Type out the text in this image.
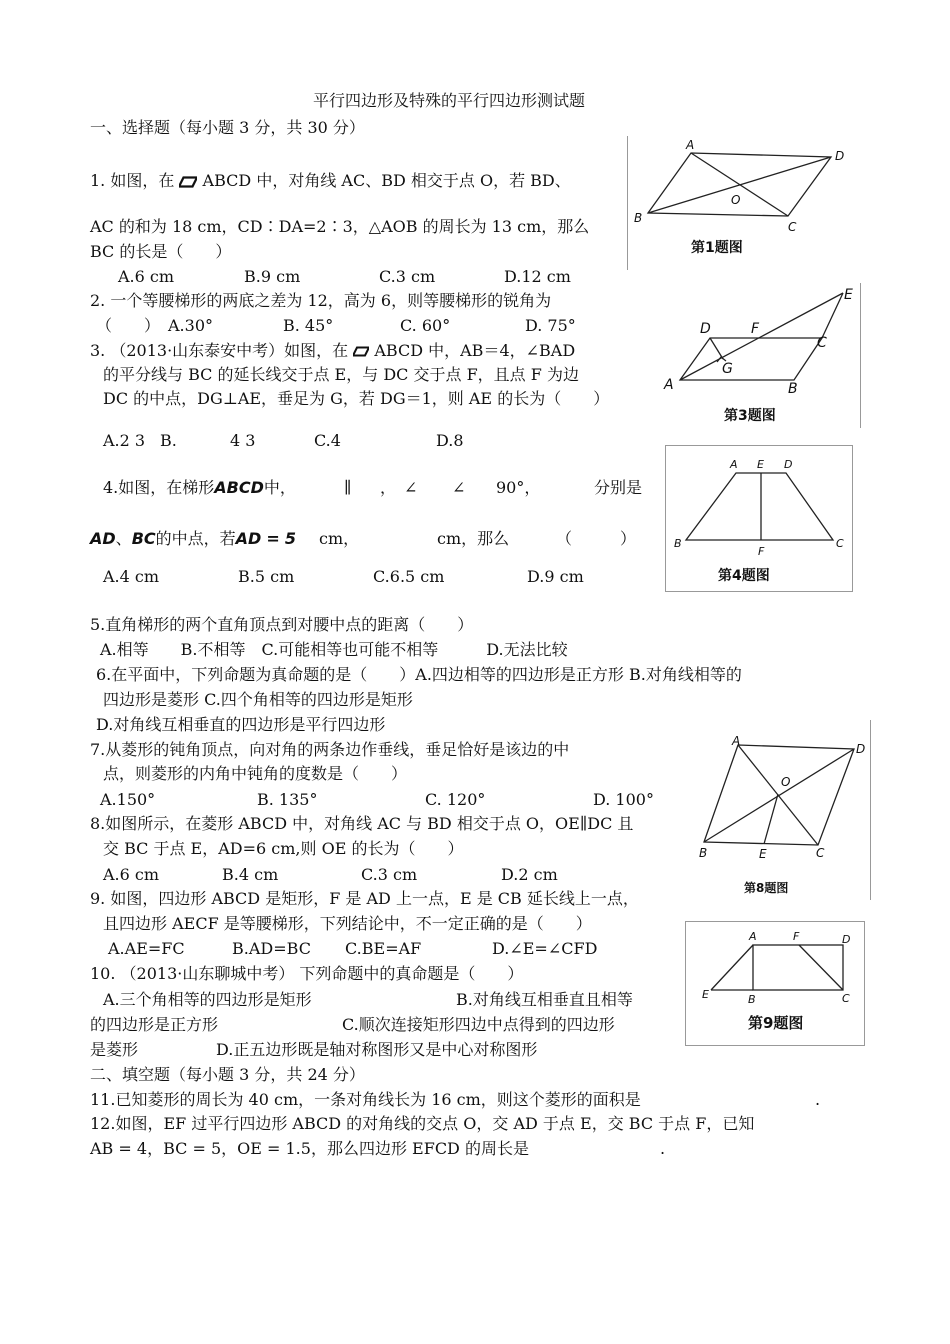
平行四边形及特殊的平行四边形测试题
一、选择题（每小题 3 分，共 30 分）
1. 如图，在 ABCD 中，对角线 AC、BD 相交于点 O，若 BD、
AC 的和为 18 cm，CD∶DA=2∶3，△AOB 的周长为 13 cm，那么
BC 的长是（　　）
A.6 cm	B.9 cm	C.3 cm	D.12 cm
2. 一个等腰梯形的两底之差为 12，高为 6，则等腰梯形的锐角为
（　　） A.30°	B. 45°	C. 60°	D. 75°
3. （2013·山东泰安中考）如图，在 ABCD 中，AB＝4，∠BAD
的平分线与 BC 的延长线交于点 E，与 DC 交于点 F，且点 F 为边
DC 的中点，DG⊥AE，垂足为 G，若 DG＝1，则 AE 的长为（　　）
A.2 3 B.	4 3	C.4	D.8
4.如图，在梯形ABCD中，	∥ ， ∠ ∠ 90°，	分别是
AD、BC的中点，若AD = 5 cm，	cm，那么	（　　　）
A.4 cm	B.5 cm	C.6.5 cm	D.9 cm
5.直角梯形的两个直角顶点到对腰中点的距离（　　）
A.相等　　B.不相等　C.可能相等也可能不相等　　　D.无法比较
6.在平面中，下列命题为真命题的是（　　）A.四边相等的四边形是正方形 B.对角线相等的
四边形是菱形 C.四个角相等的四边形是矩形
D.对角线互相垂直的四边形是平行四边形
7.从菱形的钝角顶点，向对角的两条边作垂线，垂足恰好是该边的中
点，则菱形的内角中钝角的度数是（　　）
A.150°	B. 135°	C. 120°	D. 100°
8.如图所示，在菱形 ABCD 中，对角线 AC 与 BD 相交于点 O，OE∥DC 且
交 BC 于点 E，AD=6 cm,则 OE 的长为（　　）
A.6 cm	B.4 cm	C.3 cm	D.2 cm
9. 如图，四边形 ABCD 是矩形，F 是 AD 上一点，E 是 CB 延长线上一点，
且四边形 AECF 是等腰梯形，下列结论中，不一定正确的是（　　）
A.AE=FC	B.AD=BC C.BE=AF	D.∠E=∠CFD
10. （2013·山东聊城中考） 下列命题中的真命题是（　　）
A.三个角相等的四边形是矩形	B.对角线互相垂直且相等
的四边形是正方形	C.顺次连接矩形四边中点得到的四边形
是菱形	D.正五边形既是轴对称图形又是中心对称图形
二、填空题（每小题 3 分，共 24 分）
11.已知菱形的周长为 40 cm，一条对角线长为 16 cm，则这个菱形的面积是	.
12.如图，EF 过平行四边形 ABCD 的对角线的交点 O，交 AD 于点 E，交 BC 于点 F，已知
AB = 4，BC = 5，OE = 1.5，那么四边形 EFCD 的周长是	.
A
D
B
C
O
第1题图
E
D	F
C
G
A	B
第3题图
A E D
B
F
C
第4题图
A
D
O
B	E	C
第8题图
A	F	D
E	B	C
第9题图
